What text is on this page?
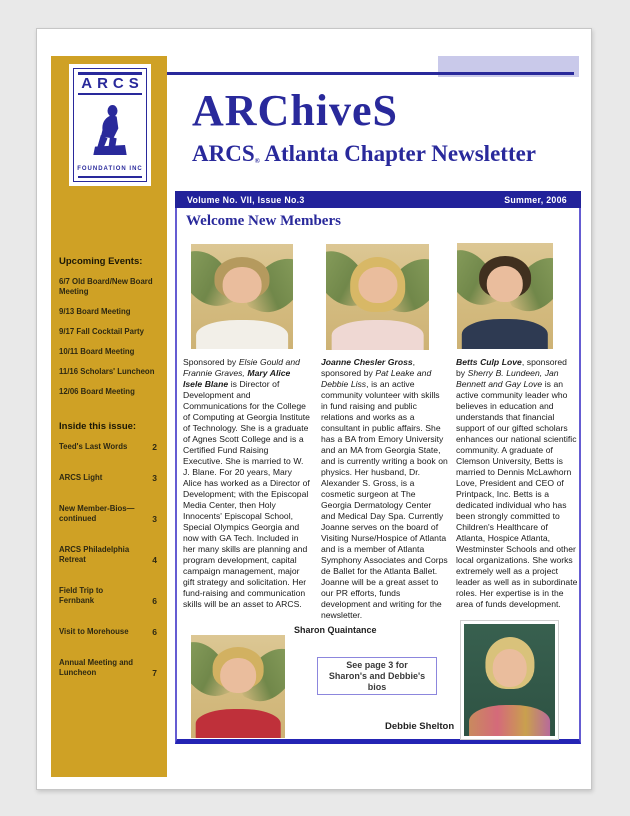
ARCS
FOUNDATION INC
Upcoming Events:
6/7 Old Board/New Board Meeting
9/13 Board Meeting
9/17 Fall Cocktail Party
10/11 Board Meeting
11/16 Scholars' Luncheon
12/06 Board Meeting
Inside this issue:
Teed's Last Words	2
ARCS Light	3
New Member-Bios—continued	3
ARCS Philadelphia Retreat	4
Field Trip to Fernbank	6
Visit to Morehouse	6
Annual Meeting and Luncheon	7
ARChiveS
ARCS® Atlanta Chapter Newsletter
Volume No. VII, Issue No.3	Summer, 2006
Welcome New Members
Sponsored by Elsie Gould and Frannie Graves, Mary Alice Isele Blane is Director of Development and Communications for the College of Computing at Georgia Institute of Technology. She is a graduate of Agnes Scott College and is a Certified Fund Raising Executive. She is married to W. J. Blane. For 20 years, Mary Alice has worked as a Director of Development; with the Episcopal Media Center, then Holy Innocents' Episcopal School, Special Olympics Georgia and now with GA Tech. Included in her many skills are planning and program development, capital campaign management, major gift strategy and solicitation. Her fund-raising and communication skills will be an asset to ARCS.
Joanne Chesler Gross, sponsored by Pat Leake and Debbie Liss, is an active community volunteer with skills in fund raising and public relations and works as a consultant in public affairs. She has a BA from Emory University and an MA from Georgia State, and is currently writing a book on physics. Her husband, Dr. Alexander S. Gross, is a cosmetic surgeon at The Georgia Dermatology Center and Medical Day Spa. Currently Joanne serves on the board of Visiting Nurse/Hospice of Atlanta and is a member of Atlanta Symphony Associates and Corps de Ballet for the Atlanta Ballet. Joanne will be a great asset to our PR efforts, funds development and writing for the newsletter.
Betts Culp Love, sponsored by Sherry B. Lundeen, Jan Bennett and Gay Love is an active community leader who believes in education and understands that financial support of our gifted scholars enhances our national scientific community. A graduate of Clemson University, Betts is married to Dennis McLawhorn Love, President and CEO of Printpack, Inc. Betts is a dedicated individual who has been strongly committed to Children's Healthcare of Atlanta, Hospice Atlanta, Westminster Schools and other local organizations. She works extremely well as a project leader as well as in subordinate roles. Her expertise is in the area of funds development.
Sharon Quaintance
See page 3 for Sharon's and Debbie's bios
Debbie Shelton
